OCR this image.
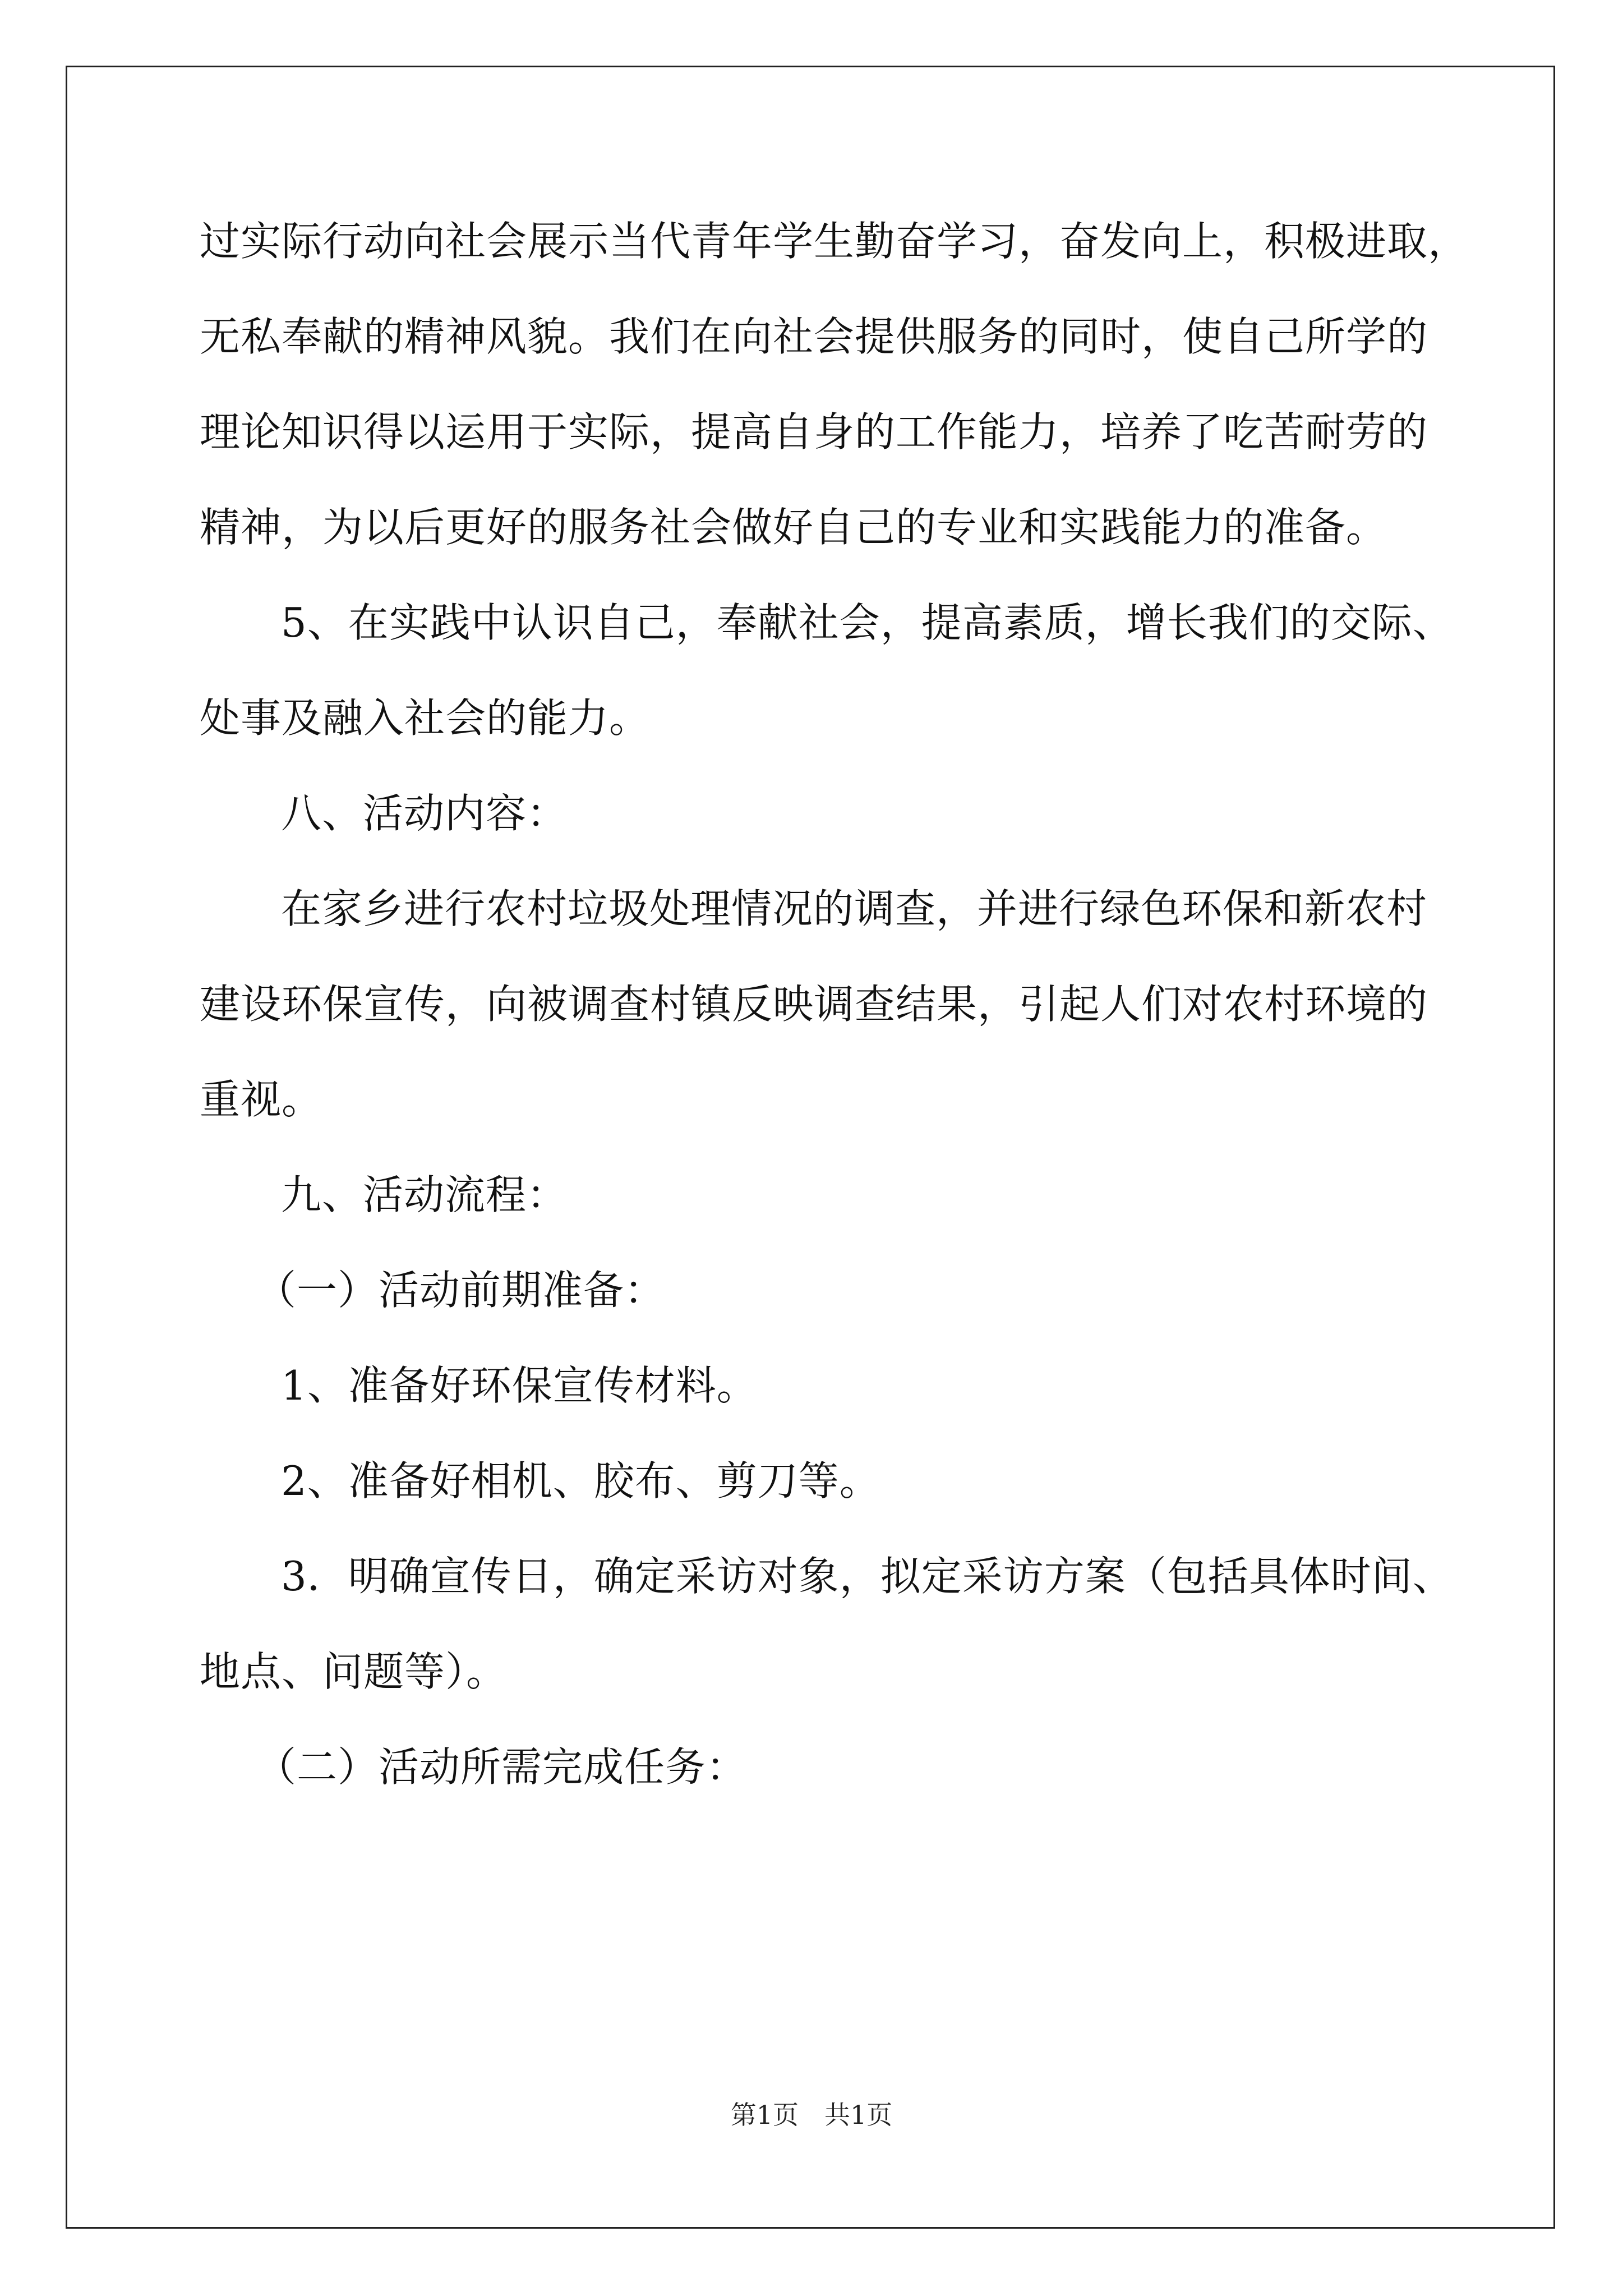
过实际行动向社会展示当代青年学生勤奋学习，奋发向上，积极进取，
无私奉献的精神风貌。我们在向社会提供服务的同时，使自己所学的
理论知识得以运用于实际，提高自身的工作能力，培养了吃苦耐劳的
精神，为以后更好的服务社会做好自己的专业和实践能力的准备。
5、在实践中认识自己，奉献社会，提高素质，增长我们的交际、
处事及融入社会的能力。
八、活动内容：
在家乡进行农村垃圾处理情况的调查，并进行绿色环保和新农村
建设环保宣传，向被调查村镇反映调查结果，引起人们对农村环境的
重视。
九、活动流程：
（一）活动前期准备：
1、准备好环保宣传材料。
2、准备好相机、胶布、剪刀等。
3．明确宣传日，确定采访对象，拟定采访方案（包括具体时间、
地点、问题等）。
（二）活动所需完成任务：
第1页　共1页
